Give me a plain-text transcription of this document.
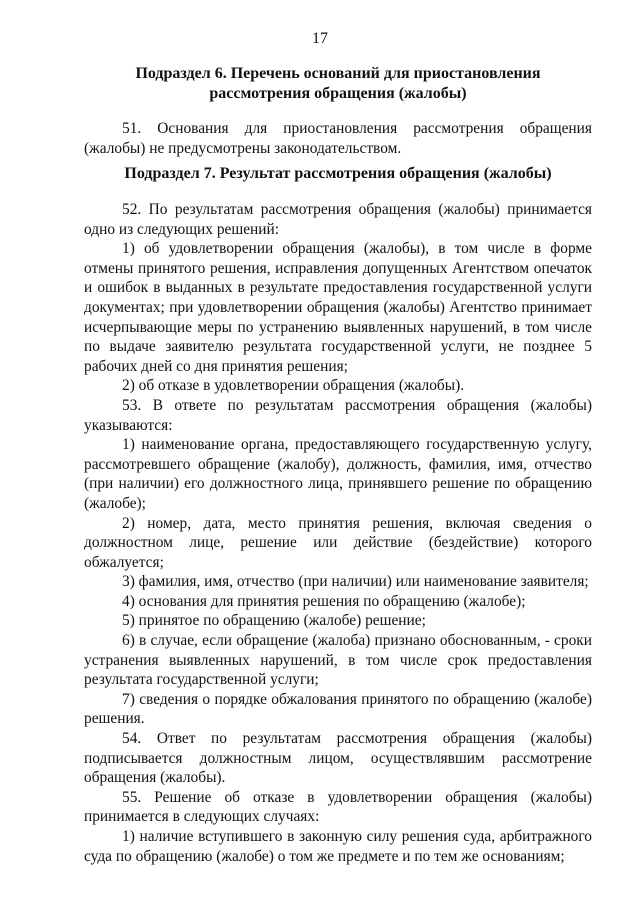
17
Подраздел 6. Перечень оснований для приостановления
рассмотрения обращения (жалобы)

51. Основания для приостановления рассмотрения обращения (жалобы) не предусмотрены законодательством.

Подраздел 7. Результат рассмотрения обращения (жалобы)

52. По результатам рассмотрения обращения (жалобы) принимается одно из следующих решений:

1) об удовлетворении обращения (жалобы), в том числе в форме отмены принятого решения, исправления допущенных Агентством опечаток и ошибок в выданных в результате предоставления государственной услуги документах; при удовлетворении обращения (жалобы) Агентство принимает исчерпывающие меры по устранению выявленных нарушений, в том числе по выдаче заявителю результата государственной услуги, не позднее 5 рабочих дней со дня принятия решения;

2) об отказе в удовлетворении обращения (жалобы).

53. В ответе по результатам рассмотрения обращения (жалобы) указываются:

1) наименование органа, предоставляющего государственную услугу, рассмотревшего обращение (жалобу), должность, фамилия, имя, отчество (при наличии) его должностного лица, принявшего решение по обращению (жалобе);

2) номер, дата, место принятия решения, включая сведения о должностном лице, решение или действие (бездействие) которого обжалуется;

3) фамилия, имя, отчество (при наличии) или наименование заявителя;

4) основания для принятия решения по обращению (жалобе);

5) принятое по обращению (жалобе) решение;

6) в случае, если обращение (жалоба) признано обоснованным, - сроки устранения выявленных нарушений, в том числе срок предоставления результата государственной услуги;

7) сведения о порядке обжалования принятого по обращению (жалобе) решения.

54. Ответ по результатам рассмотрения обращения (жалобы) подписывается должностным лицом, осуществлявшим рассмотрение обращения (жалобы).

55. Решение об отказе в удовлетворении обращения (жалобы) принимается в следующих случаях:

1) наличие вступившего в законную силу решения суда, арбитражного суда по обращению (жалобе) о том же предмете и по тем же основаниям;
